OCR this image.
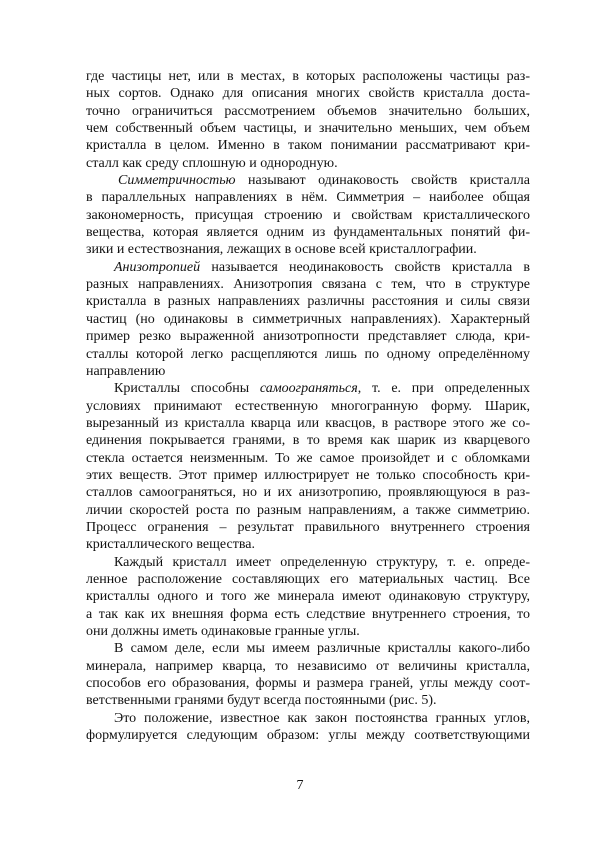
где частицы нет, или в местах, в которых расположены частицы раз-
ных сортов. Однако для описания многих свойств кристалла доста-
точно ограничиться рассмотрением объемов значительно больших,
чем собственный объем частицы, и значительно меньших, чем объем
кристалла в целом. Именно в таком понимании рассматривают кри-
сталл как среду сплошную и однородную.
Симметричностью называют одинаковость свойств кристалла
в параллельных направлениях в нём. Симметрия – наиболее общая
закономерность, присущая строению и свойствам кристаллического
вещества, которая является одним из фундаментальных понятий фи-
зики и естествознания, лежащих в основе всей кристаллографии.
Анизотропией называется неодинаковость свойств кристалла в
разных направлениях. Анизотропия связана с тем, что в структуре
кристалла в разных направлениях различны расстояния и силы связи
частиц (но одинаковы в симметричных направлениях). Характерный
пример резко выраженной анизотропности представляет слюда, кри-
сталлы которой легко расщепляются лишь по одному определённому
направлению
Кристаллы способны самоограняться, т. е. при определенных
условиях принимают естественную многогранную форму. Шарик,
вырезанный из кристалла кварца или квасцов, в растворе этого же со-
единения покрывается гранями, в то время как шарик из кварцевого
стекла остается неизменным. То же самое произойдет и с обломками
этих веществ. Этот пример иллюстрирует не только способность кри-
сталлов самоограняться, но и их анизотропию, проявляющуюся в раз-
личии скоростей роста по разным направлениям, а также симметрию.
Процесс огранения – результат правильного внутреннего строения
кристаллического вещества.
Каждый кристалл имеет определенную структуру, т. е. опреде-
ленное расположение составляющих его материальных частиц. Все
кристаллы одного и того же минерала имеют одинаковую структуру,
а так как их внешняя форма есть следствие внутреннего строения, то
они должны иметь одинаковые гранные углы.
В самом деле, если мы имеем различные кристаллы какого-либо
минерала, например кварца, то независимо от величины кристалла,
способов его образования, формы и размера граней, углы между соот-
ветственными гранями будут всегда постоянными (рис. 5).
Это положение, известное как закон постоянства гранных углов,
формулируется следующим образом: углы между соответствующими
7
